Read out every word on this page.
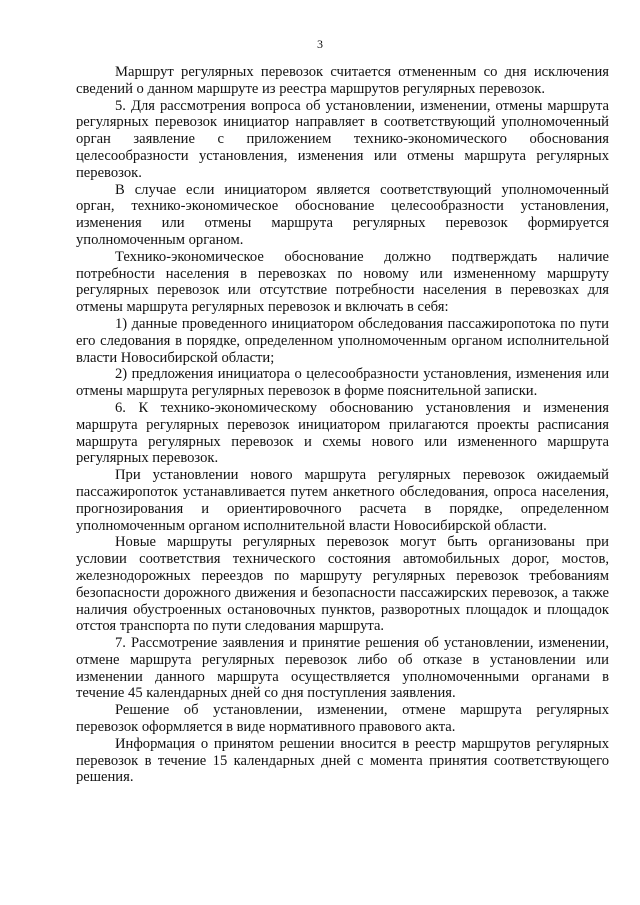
3

Маршрут регулярных перевозок считается отмененным со дня исключения сведений о данном маршруте из реестра маршрутов регулярных перевозок.

5. Для рассмотрения вопроса об установлении, изменении, отмены маршрута регулярных перевозок инициатор направляет в соответствующий уполномоченный орган заявление с приложением технико-экономического обоснования целесообразности установления, изменения или отмены маршрута регулярных перевозок.

В случае если инициатором является соответствующий уполномоченный орган, технико-экономическое обоснование целесообразности установления, изменения или отмены маршрута регулярных перевозок формируется уполномоченным органом.

Технико-экономическое обоснование должно подтверждать наличие потребности населения в перевозках по новому или измененному маршруту регулярных перевозок или отсутствие потребности населения в перевозках для отмены маршрута регулярных перевозок и включать в себя:

1) данные проведенного инициатором обследования пассажиропотока по пути его следования в порядке, определенном уполномоченным органом исполнительной власти Новосибирской области;

2) предложения инициатора о целесообразности установления, изменения или отмены маршрута регулярных перевозок в форме пояснительной записки.

6. К технико-экономическому обоснованию установления и изменения маршрута регулярных перевозок инициатором прилагаются проекты расписания маршрута регулярных перевозок и схемы нового или измененного маршрута регулярных перевозок.

При установлении нового маршрута регулярных перевозок ожидаемый пассажиропоток устанавливается путем анкетного обследования, опроса населения, прогнозирования и ориентировочного расчета в порядке, определенном уполномоченным органом исполнительной власти Новосибирской области.

Новые маршруты регулярных перевозок могут быть организованы при условии соответствия технического состояния автомобильных дорог, мостов, железнодорожных переездов по маршруту регулярных перевозок требованиям безопасности дорожного движения и безопасности пассажирских перевозок, а также наличия обустроенных остановочных пунктов, разворотных площадок и площадок отстоя транспорта по пути следования маршрута.

7. Рассмотрение заявления и принятие решения об установлении, изменении, отмене маршрута регулярных перевозок либо об отказе в установлении или изменении данного маршрута осуществляется уполномоченными органами в течение 45 календарных дней со дня поступления заявления.

Решение об установлении, изменении, отмене маршрута регулярных перевозок оформляется в виде нормативного правового акта.

Информация о принятом решении вносится в реестр маршрутов регулярных перевозок в течение 15 календарных дней с момента принятия соответствующего решения.
